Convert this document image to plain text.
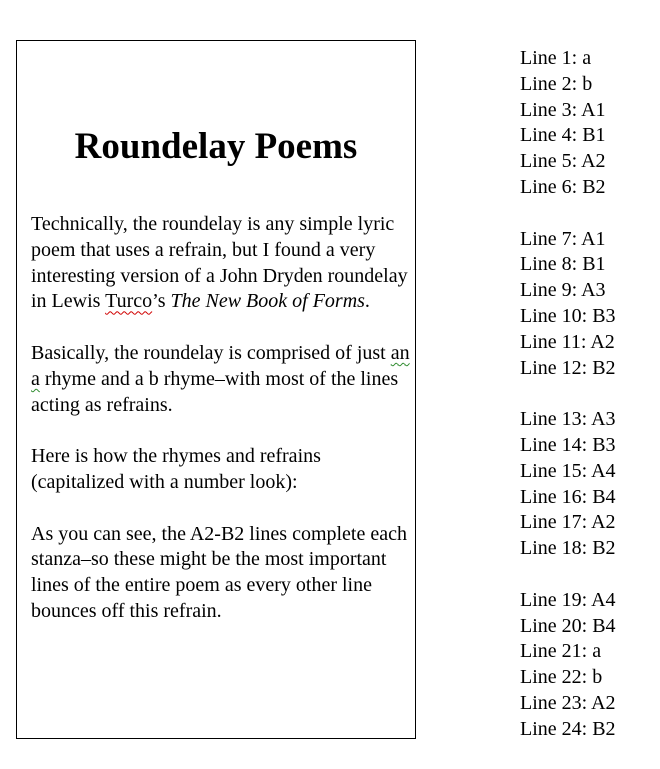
Roundelay Poems

Technically, the roundelay is any simple lyric poem that uses a refrain, but I found a very interesting version of a John Dryden roundelay in Lewis Turco’s The New Book of Forms.

Basically, the roundelay is comprised of just an a rhyme and a b rhyme–with most of the lines acting as refrains.

Here is how the rhymes and refrains (capitalized with a number look):

As you can see, the A2-B2 lines complete each stanza–so these might be the most important lines of the entire poem as every other line bounces off this refrain.

Line 1: a
Line 2: b
Line 3: A1
Line 4: B1
Line 5: A2
Line 6: B2
Line 7: A1
Line 8: B1
Line 9: A3
Line 10: B3
Line 11: A2
Line 12: B2
Line 13: A3
Line 14: B3
Line 15: A4
Line 16: B4
Line 17: A2
Line 18: B2
Line 19: A4
Line 20: B4
Line 21: a
Line 22: b
Line 23: A2
Line 24: B2
